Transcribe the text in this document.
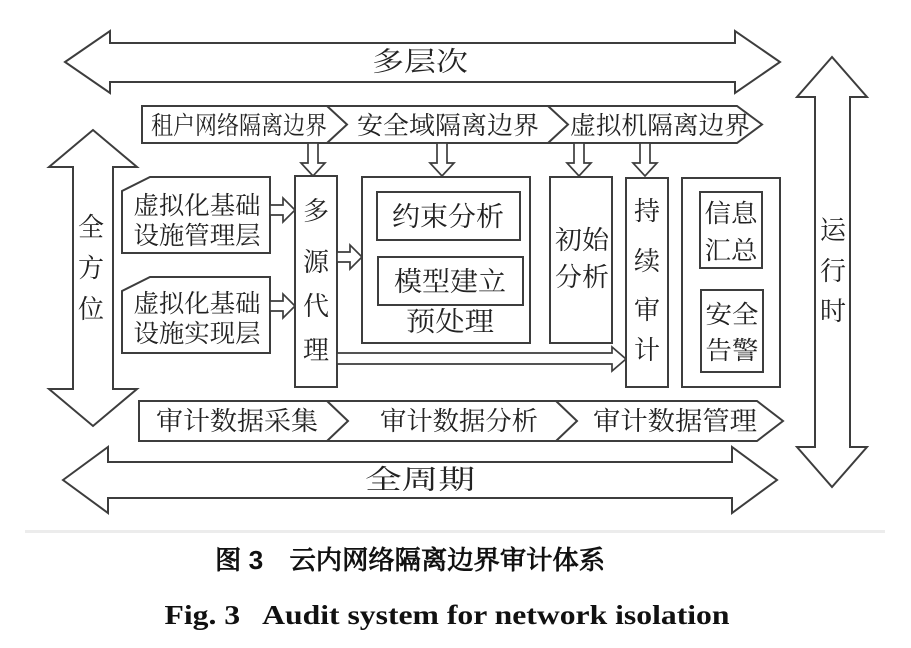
多层次
全
方
位
运
行
时
全周期
租户网络隔离边界 安全域隔离边界 虚拟机隔离边界
虚拟化基础
设施管理层
虚拟化基础
设施实现层
多
源
代
理
约束分析
模型建立
预处理
初始
分析
持
续
审
计
信息
汇总
安全
告警
审计数据采集 审计数据分析 审计数据管理
图 3　云内网络隔离边界审计体系
Fig. 3   Audit system for network isolation
